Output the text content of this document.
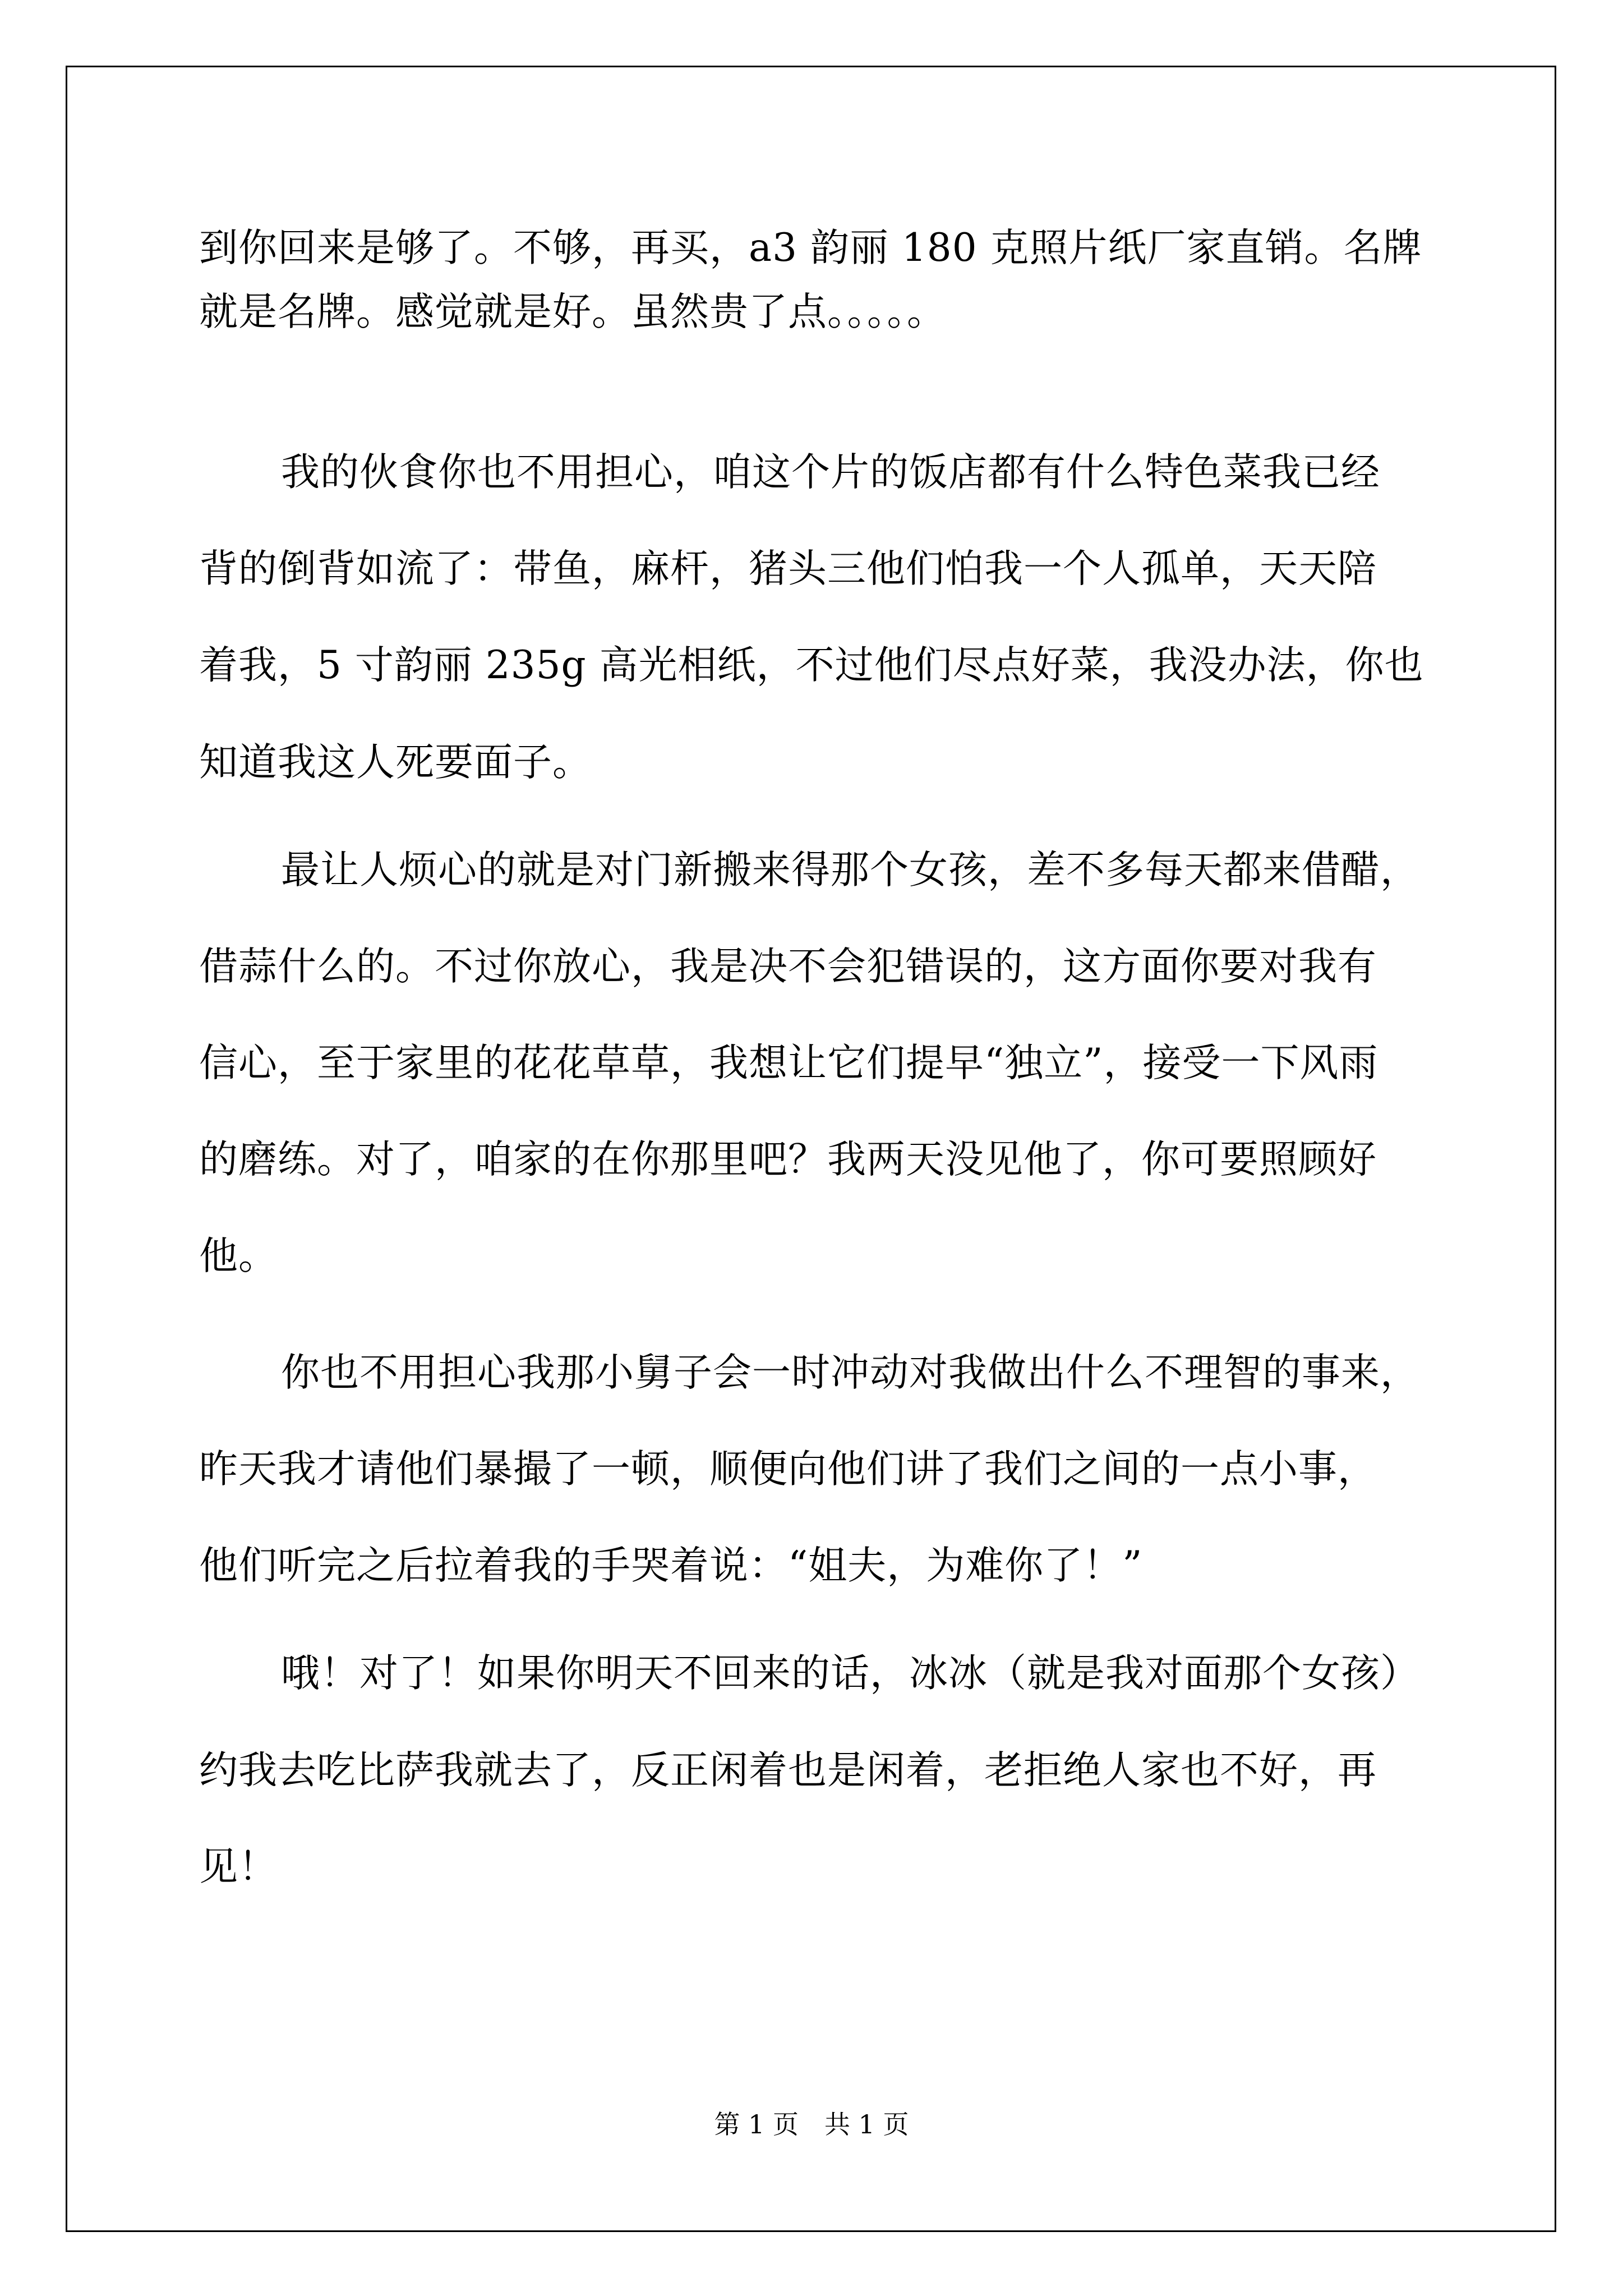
到你回来是够了。不够，再买，a3 韵丽 180 克照片纸厂家直销。名牌
就是名牌。感觉就是好。虽然贵了点。。。。。
我的伙食你也不用担心，咱这个片的饭店都有什么特色菜我已经
背的倒背如流了：带鱼，麻杆，猪头三他们怕我一个人孤单，天天陪
着我，5 寸韵丽 235g 高光相纸，不过他们尽点好菜，我没办法，你也
知道我这人死要面子。
最让人烦心的就是对门新搬来得那个女孩，差不多每天都来借醋，
借蒜什么的。不过你放心，我是决不会犯错误的，这方面你要对我有
信心，至于家里的花花草草，我想让它们提早“独立”，接受一下风雨
的磨练。对了，咱家的在你那里吧？我两天没见他了，你可要照顾好
他。
你也不用担心我那小舅子会一时冲动对我做出什么不理智的事来，
昨天我才请他们暴撮了一顿，顺便向他们讲了我们之间的一点小事，
他们听完之后拉着我的手哭着说：“姐夫，为难你了！”
哦！对了！如果你明天不回来的话，冰冰（就是我对面那个女孩）
约我去吃比萨我就去了，反正闲着也是闲着，老拒绝人家也不好，再
见！
第 1 页　共 1 页
